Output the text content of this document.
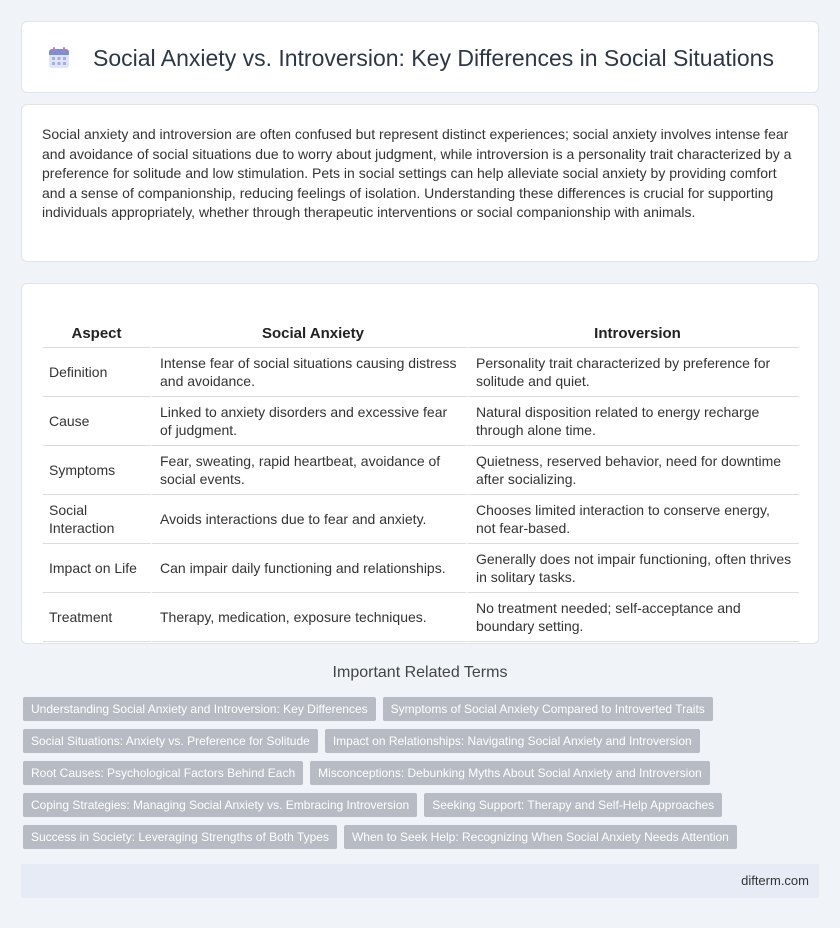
Social Anxiety vs. Introversion: Key Differences in Social Situations

Social anxiety and introversion are often confused but represent distinct experiences; social anxiety involves intense fear and avoidance of social situations due to worry about judgment, while introversion is a personality trait characterized by a preference for solitude and low stimulation. Pets in social settings can help alleviate social anxiety by providing comfort and a sense of companionship, reducing feelings of isolation. Understanding these differences is crucial for supporting individuals appropriately, whether through therapeutic interventions or social companionship with animals.

Aspect	Social Anxiety	Introversion
Definition	Intense fear of social situations causing distress and avoidance.	Personality trait characterized by preference for solitude and quiet.
Cause	Linked to anxiety disorders and excessive fear of judgment.	Natural disposition related to energy recharge through alone time.
Symptoms	Fear, sweating, rapid heartbeat, avoidance of social events.	Quietness, reserved behavior, need for downtime after socializing.
Social Interaction	Avoids interactions due to fear and anxiety.	Chooses limited interaction to conserve energy, not fear-based.
Impact on Life	Can impair daily functioning and relationships.	Generally does not impair functioning, often thrives in solitary tasks.
Treatment	Therapy, medication, exposure techniques.	No treatment needed; self-acceptance and boundary setting.
Important Related Terms
Understanding Social Anxiety and Introversion: Key Differences	Symptoms of Social Anxiety Compared to Introverted Traits
Social Situations: Anxiety vs. Preference for Solitude	Impact on Relationships: Navigating Social Anxiety and Introversion
Root Causes: Psychological Factors Behind Each	Misconceptions: Debunking Myths About Social Anxiety and Introversion
Coping Strategies: Managing Social Anxiety vs. Embracing Introversion	Seeking Support: Therapy and Self-Help Approaches
Success in Society: Leveraging Strengths of Both Types	When to Seek Help: Recognizing When Social Anxiety Needs Attention
difterm.com
